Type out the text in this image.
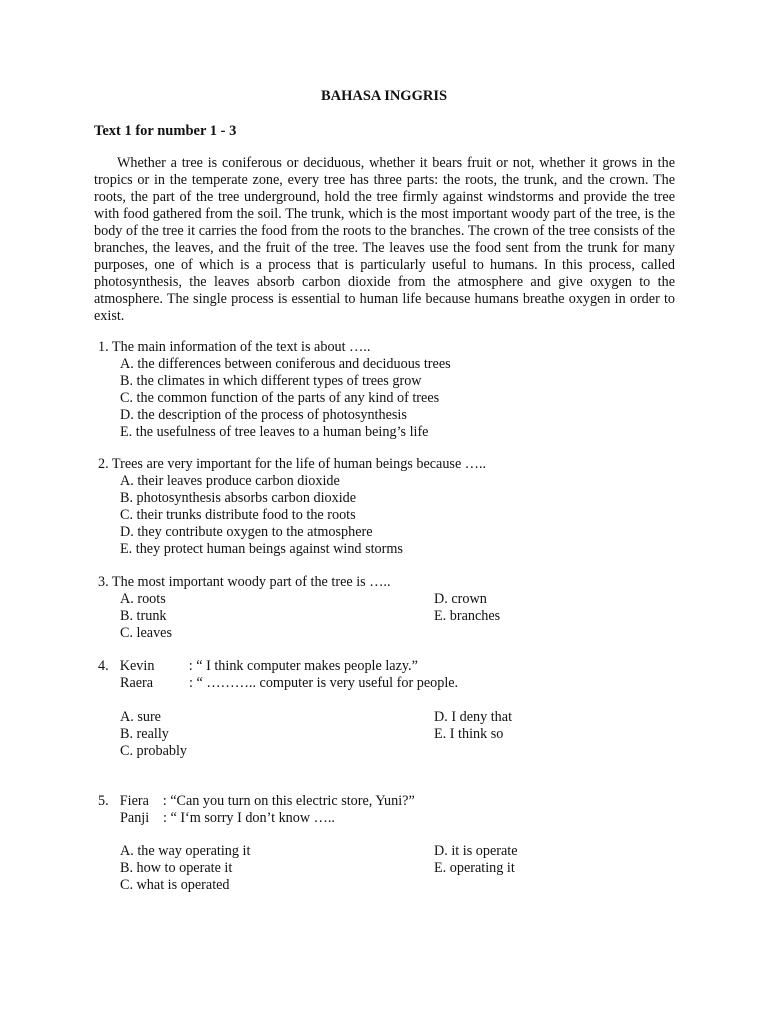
BAHASA INGGRIS
Text 1 for number 1 - 3
Whether a tree is coniferous or deciduous, whether it bears fruit or not, whether it grows in the tropics or in the temperate zone, every tree has three parts: the roots, the trunk, and the crown. The roots, the part of the tree underground, hold the tree firmly against windstorms and provide the tree with food gathered from the soil. The trunk, which is the most important woody part of the tree, is the body of the tree it carries the food from the roots to the branches. The crown of the tree consists of the branches, the leaves, and the fruit of the tree. The leaves use the food sent from the trunk for many purposes, one of which is a process that is particularly useful to humans. In this process, called photosynthesis, the leaves absorb carbon dioxide from the atmosphere and give oxygen to the atmosphere. The single process is essential to human life because humans breathe oxygen in order to exist.
1. The main information of the text is about …..
A. the differences between coniferous and deciduous trees
B. the climates in which different types of trees grow
C. the common function of the parts of any kind of trees
D. the description of the process of photosynthesis
E. the usefulness of tree leaves to a human being’s life
2. Trees are very important for the life of human beings because …..
A. their leaves produce carbon dioxide
B. photosynthesis absorbs carbon dioxide
C. their trunks distribute food to the roots
D. they contribute oxygen to the atmosphere
E. they protect human beings against wind storms
3. The most important woody part of the tree is …..
A. roots
B. trunk
C. leaves
D. crown
E. branches
4. Kevin : “ I think computer makes people lazy.”
Raera	: “ ……….. computer is very useful for people.
A. sure
B. really
C. probably
D. I deny that
E. I think so
5. Fiera : “Can you turn on this electric store, Yuni?”
Panji : “ I‘m sorry I don’t know …..
A. the way operating it
B. how to operate it
C. what is operated
D. it is operate
E. operating it
